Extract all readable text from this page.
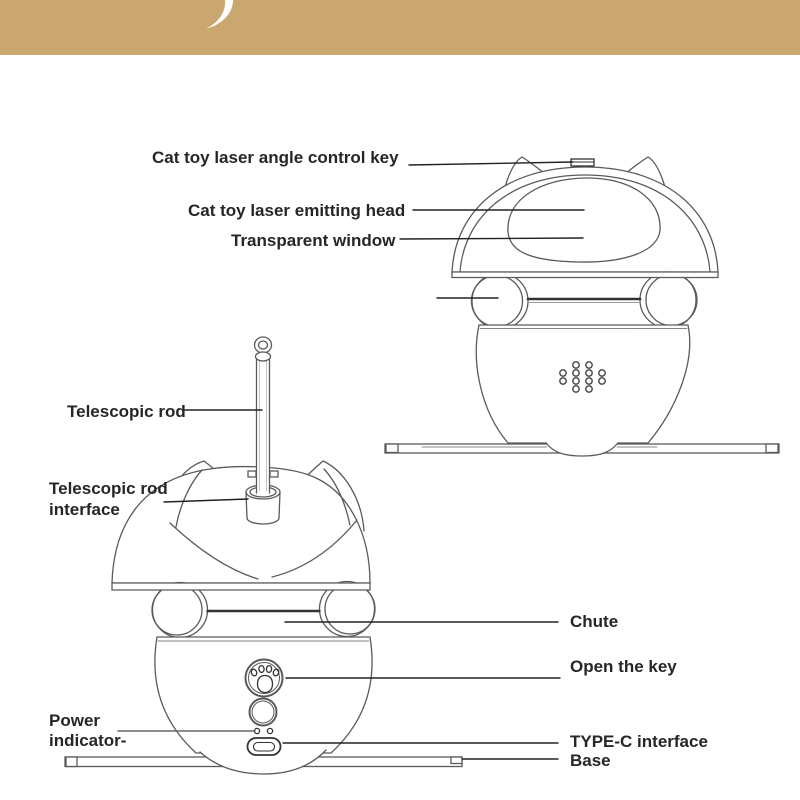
Cat toy laser angle control key
Cat toy laser emitting head
Transparent window
Telescopic rod
Telescopic rod interface
Chute
Open the key
Power indicator-	TYPE-C interface
Base
